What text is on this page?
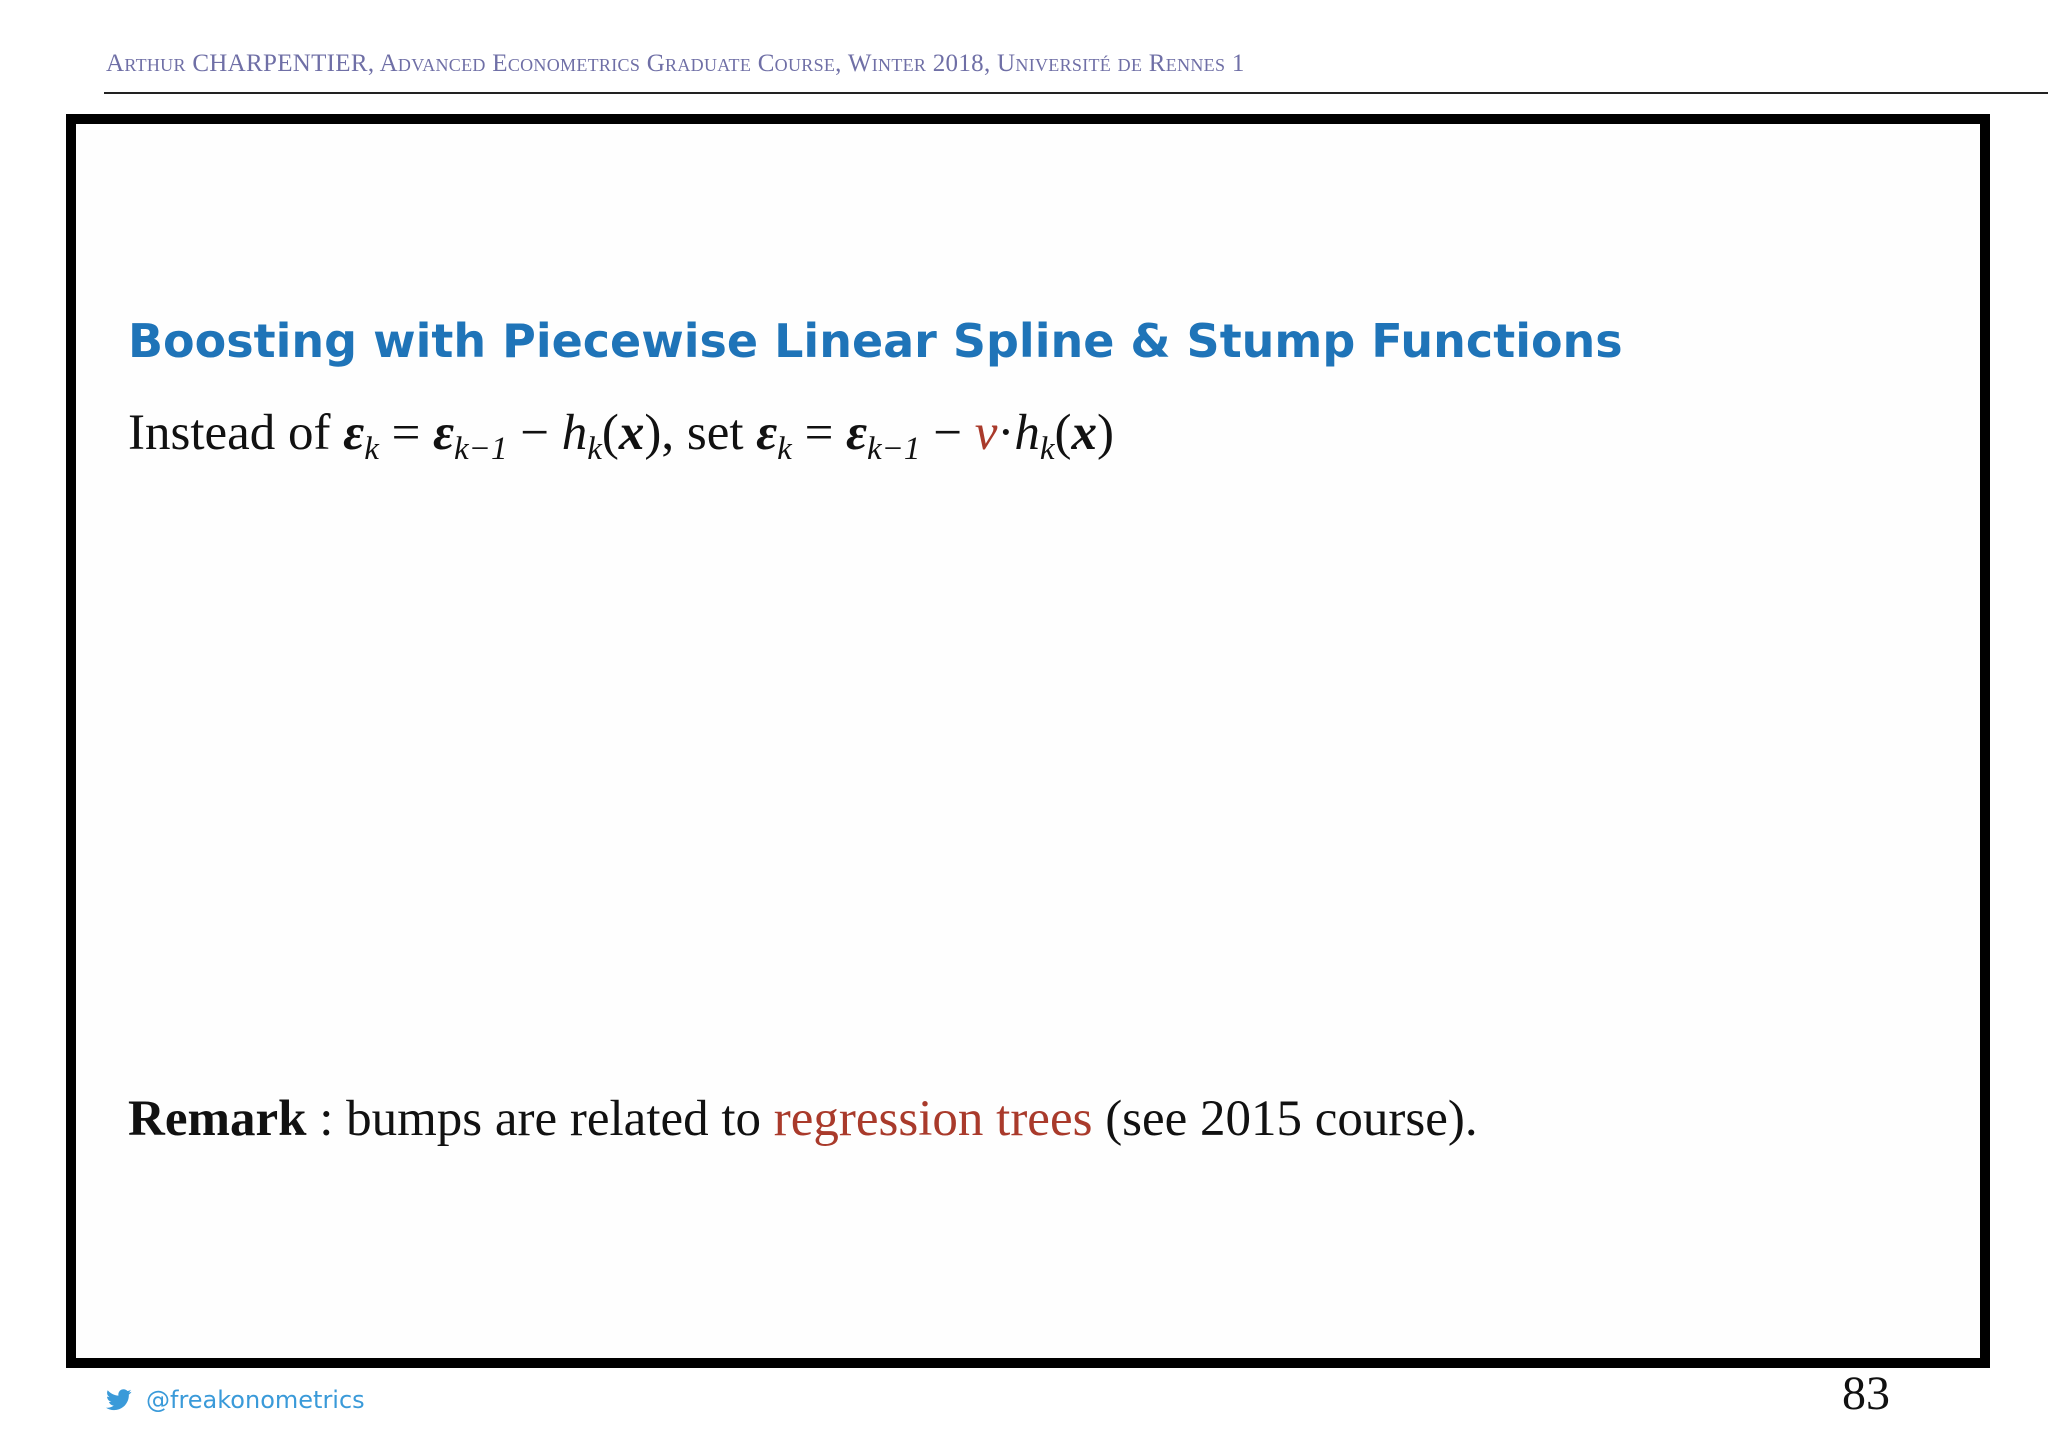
Arthur CHARPENTIER, Advanced Econometrics Graduate Course, Winter 2018, Université de Rennes 1
Boosting with Piecewise Linear Spline & Stump Functions
Instead of $\varepsilon_k = \varepsilon_{k-1} - h_k(x)$, set $\varepsilon_k = \varepsilon_{k-1} - \nu\cdot h_k(x)$
Remark : bumps are related to regression trees (see 2015 course).
@freakonometrics	83
